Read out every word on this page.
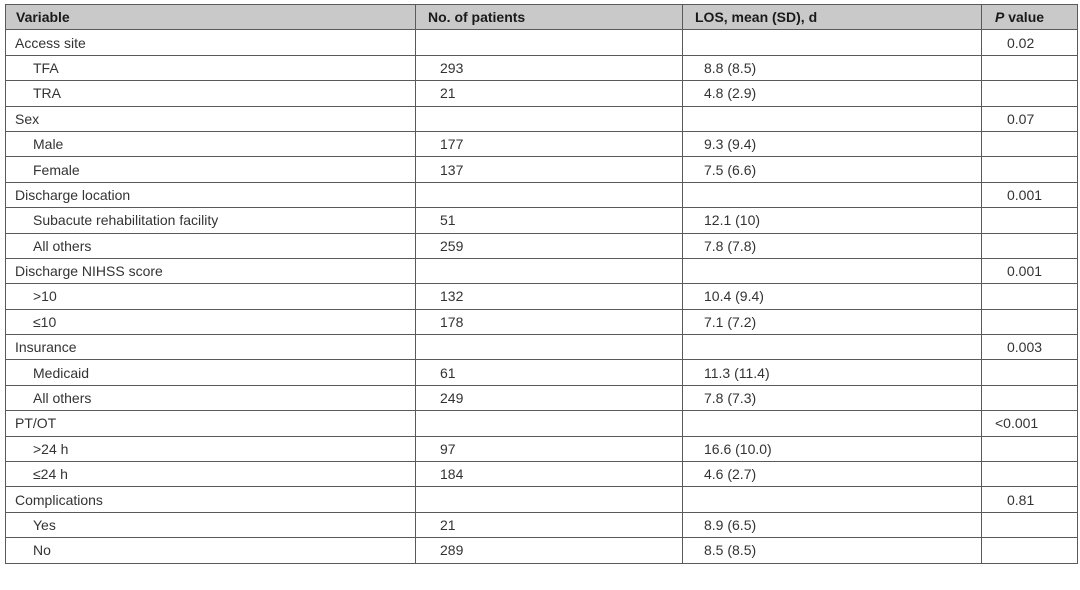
Variable	No. of patients	LOS, mean (SD), d	P value
Access site			0.02
TFA	293	8.8 (8.5)	
TRA	21	4.8 (2.9)	
Sex			0.07
Male	177	9.3 (9.4)	
Female	137	7.5 (6.6)	
Discharge location			0.001
Subacute rehabilitation facility	51	12.1 (10)	
All others	259	7.8 (7.8)	
Discharge NIHSS score			0.001
>10	132	10.4 (9.4)	
≤10	178	7.1 (7.2)	
Insurance			0.003
Medicaid	61	11.3 (11.4)	
All others	249	7.8 (7.3)	
PT/OT			<0.001
>24 h	97	16.6 (10.0)	
≤24 h	184	4.6 (2.7)	
Complications			0.81
Yes	21	8.9 (6.5)	
No	289	8.5 (8.5)	
